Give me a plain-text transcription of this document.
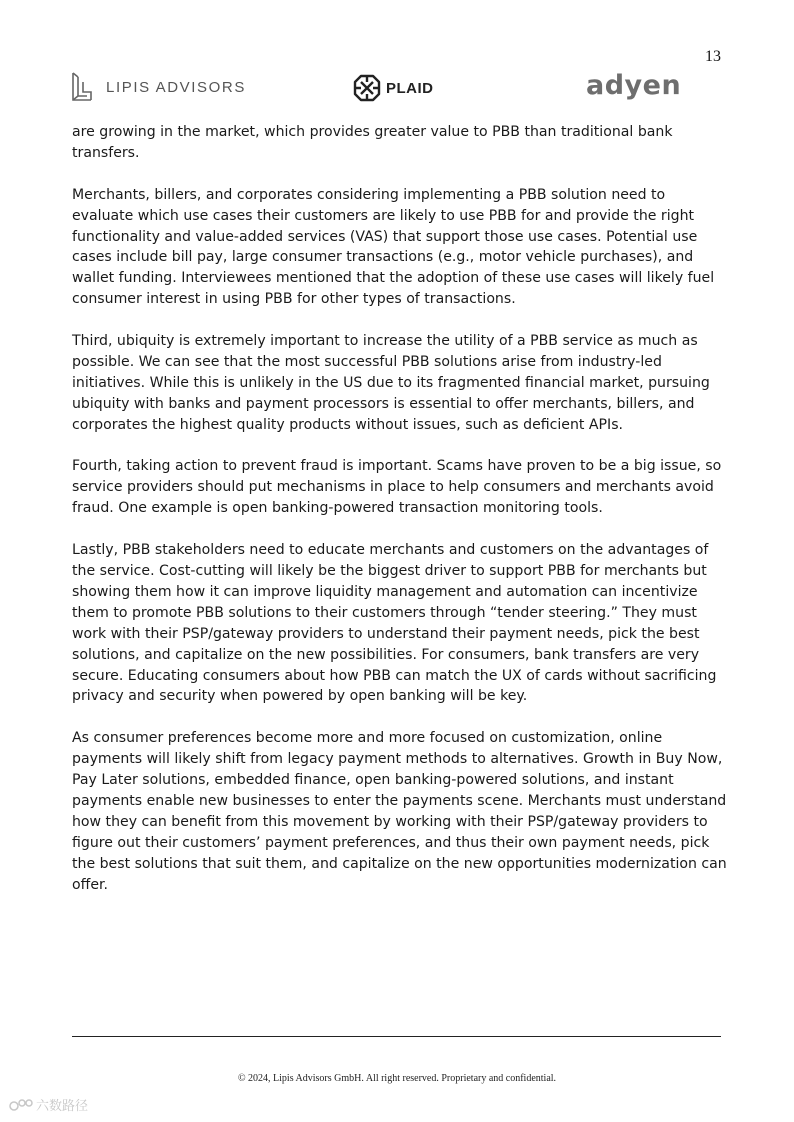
13
LIPIS ADVISORS	PLAID	adyen

are growing in the market, which provides greater value to PBB than traditional bank transfers.

Merchants, billers, and corporates considering implementing a PBB solution need to evaluate which use cases their customers are likely to use PBB for and provide the right functionality and value-added services (VAS) that support those use cases. Potential use cases include bill pay, large consumer transactions (e.g., motor vehicle purchases), and wallet funding. Interviewees mentioned that the adoption of these use cases will likely fuel consumer interest in using PBB for other types of transactions.

Third, ubiquity is extremely important to increase the utility of a PBB service as much as possible. We can see that the most successful PBB solutions arise from industry-led initiatives. While this is unlikely in the US due to its fragmented financial market, pursuing ubiquity with banks and payment processors is essential to offer merchants, billers, and corporates the highest quality products without issues, such as deficient APIs.

Fourth, taking action to prevent fraud is important. Scams have proven to be a big issue, so service providers should put mechanisms in place to help consumers and merchants avoid fraud. One example is open banking-powered transaction monitoring tools.

Lastly, PBB stakeholders need to educate merchants and customers on the advantages of the service. Cost-cutting will likely be the biggest driver to support PBB for merchants but showing them how it can improve liquidity management and automation can incentivize them to promote PBB solutions to their customers through “tender steering.” They must work with their PSP/gateway providers to understand their payment needs, pick the best solutions, and capitalize on the new possibilities. For consumers, bank transfers are very secure. Educating consumers about how PBB can match the UX of cards without sacrificing privacy and security when powered by open banking will be key.

As consumer preferences become more and more focused on customization, online payments will likely shift from legacy payment methods to alternatives. Growth in Buy Now, Pay Later solutions, embedded finance, open banking-powered solutions, and instant payments enable new businesses to enter the payments scene. Merchants must understand how they can benefit from this movement by working with their PSP/gateway providers to figure out their customers’ payment preferences, and thus their own payment needs, pick the best solutions that suit them, and capitalize on the new opportunities modernization can offer.

© 2024, Lipis Advisors GmbH. All right reserved. Proprietary and confidential.
六数路径
